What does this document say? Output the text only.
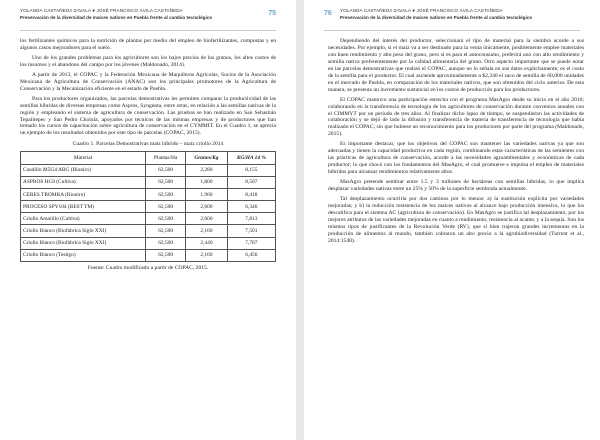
YOLANDA CASTAÑEDA ZAVALA ● JOSÉ FRANCISCO ÁVILA CASTAÑEDA
Preservación de la diversidad de maíces nativos en Puebla frente al cambio tecnológico
75

los fertilizantes químicos para la nutrición de plantas por medio del empleo de biofertilizantes, compostas y en algunos casos mejoradores para el suelo.

Uno de los grandes problemas para los agricultores son los bajos precios de los granos, los altos costos de los insumos y el abandono del campo por los jóvenes (Maldonado, 2014).

A partir de 2013, el COPAC y la Federación Mexicana de Maquileros Agrícolas, Socios de la Asociación Mexicana de Agricultura de Conservación (ANAC) son los principales promotores de la Agricultura de Conservación y la Mecanización eficiente en el estado de Puebla.

Para los productores organizados, las parcelas demostrativas les permiten comparar la productividad de las semillas híbridas de diversas empresas como Aspros, Syngenta, entre otras, en relación a las semillas nativas de la región y empleando el sistema de agricultura de conservación. Las pruebas se han realizado en San Sebastián Tepalitepec y San Pedro Cholula, apoyados por técnicos de las mismas empresas y de productores que han tomado los cursos de capacitación sobre agricultura de conservación en el CYMMIT. En el Cuadro 1, se aprecia un ejemplo de los resultados obtenidos por este tipo de parcelas (COPAC, 2015).

Cuadro 1. Parcelas Demostrativas maíz híbrido – maíz criollo 2014
Material	Plantas/Ha	Granos/Kg	KG/HA 14 %
Caudillo M5G4 ABG (Bioniro)	62,500	2,280	8,155
ASPROS HC8 (Cultiva)	62,500	1,800	8,507
CERES TROMBA (Bioniro)	62,500	1,960	8,418
PROCESO SPY104 (BEST TM)	62,500	2,600	6,346
Criollo Amarillo (Cultiva)	62,500	2,600	7,813
Criollo Blanco (Biofábrica Siglo XXI)	62,500	2,160	7,501
Criollo Blanco (Biofábrica Siglo XXI)	62,500	2,440	7,787
Criollo Blanco (Testigo)	62,500	2,160	6,456
Fuente: Cuadro modificado a partir de COPAC, 2015.
76 YOLANDA CASTAÑEDA ZAVALA ● JOSÉ FRANCISCO ÁVILA CASTAÑEDA
Preservación de la diversidad de maíces nativos en Puebla frente al cambio tecnológico

Dependiendo del interés del productor, seleccionará el tipo de material para la siembra acorde a sus necesidades. Por ejemplo, si el maíz va a ser destinado para la venta únicamente, posiblemente emplee materiales con buen rendimiento y alto peso del grano, pero si es para el autoconsumo, preferirá uno con alto rendimiento y semilla nativa preferentemente por la calidad alimentaria del grano. Otro aspecto importante que se puede notar en las parcelas demostrativas que realizó el COPAC, aunque no lo señala en sus datos explícitamente; es el costo de la semilla para el productor. El cual asciende aproximadamente a $2,340 el saco de semilla de 60,000 unidades en el mercado de Puebla, en comparación de los materiales nativos, que son obtenidos del ciclo anterior. De esta manera, se presenta un incremento sustancial en los costos de producción para los productores.

El COPAC mantuvo una participación estrecha con el programa MasAgro desde su inicio en el año 2010; colaborando en la transferencia de tecnología de los agricultores de conservación durante convenios anuales con el CIMMYT por un periodo de tres años. Al finalizar dicho lapso de tiempo, se suspendieron las actividades de colaboración y se dejó de lado la difusión y transferencia de materia de transferencia de tecnología que había realizado el COPAC; sin que hubiese un reconocimiento para los productores por parte del programa (Maldonado, 2015).

Es importante destacar, que los objetivos del COPAC son mantener las variedades nativas ya que son adecuadas y tienen la capacidad productiva en cada región, combinando estas características de las semientes con las prácticas de agricultura de conservación, acorde a las necesidades agroambientales y económicas de cada productor; lo que chocó con los fundamentos del MasAgro, el cual promueve e impulsa el empleo de materiales híbridos para alcanzar rendimientos relativamente altos.

MasAgro pretende sembrar entre 1.5 y 3 millones de hectáreas con semillas híbridas, lo que implica desplazar variedades nativas entre un 25% y 50% de la superficie sembrada actualmente.

Tal desplazamiento ocurriría por dos caminos por lo menos: a) la sustitución explícita por variedades mejoradas; y b) la reducción resistencia de los maíces nativos al alcance bajo producción intensiva, lo que los descalifica para el sistema AC (agricultura de conservación). En MasAgro se justifica tal desplazamiento, por los mejores atributos de las variedades mejoradas en cuanto a rendimiento, resistencia al acame, y a la sequía. Son los mismos tipos de justificantes de la Revolución Verde (RV), que si bien trajeron grandes incrementos en la producción de alimentos al mundo, también cobraron un alto precio a la agrobiodiversidad (Turrent et al., 2014:1540).
